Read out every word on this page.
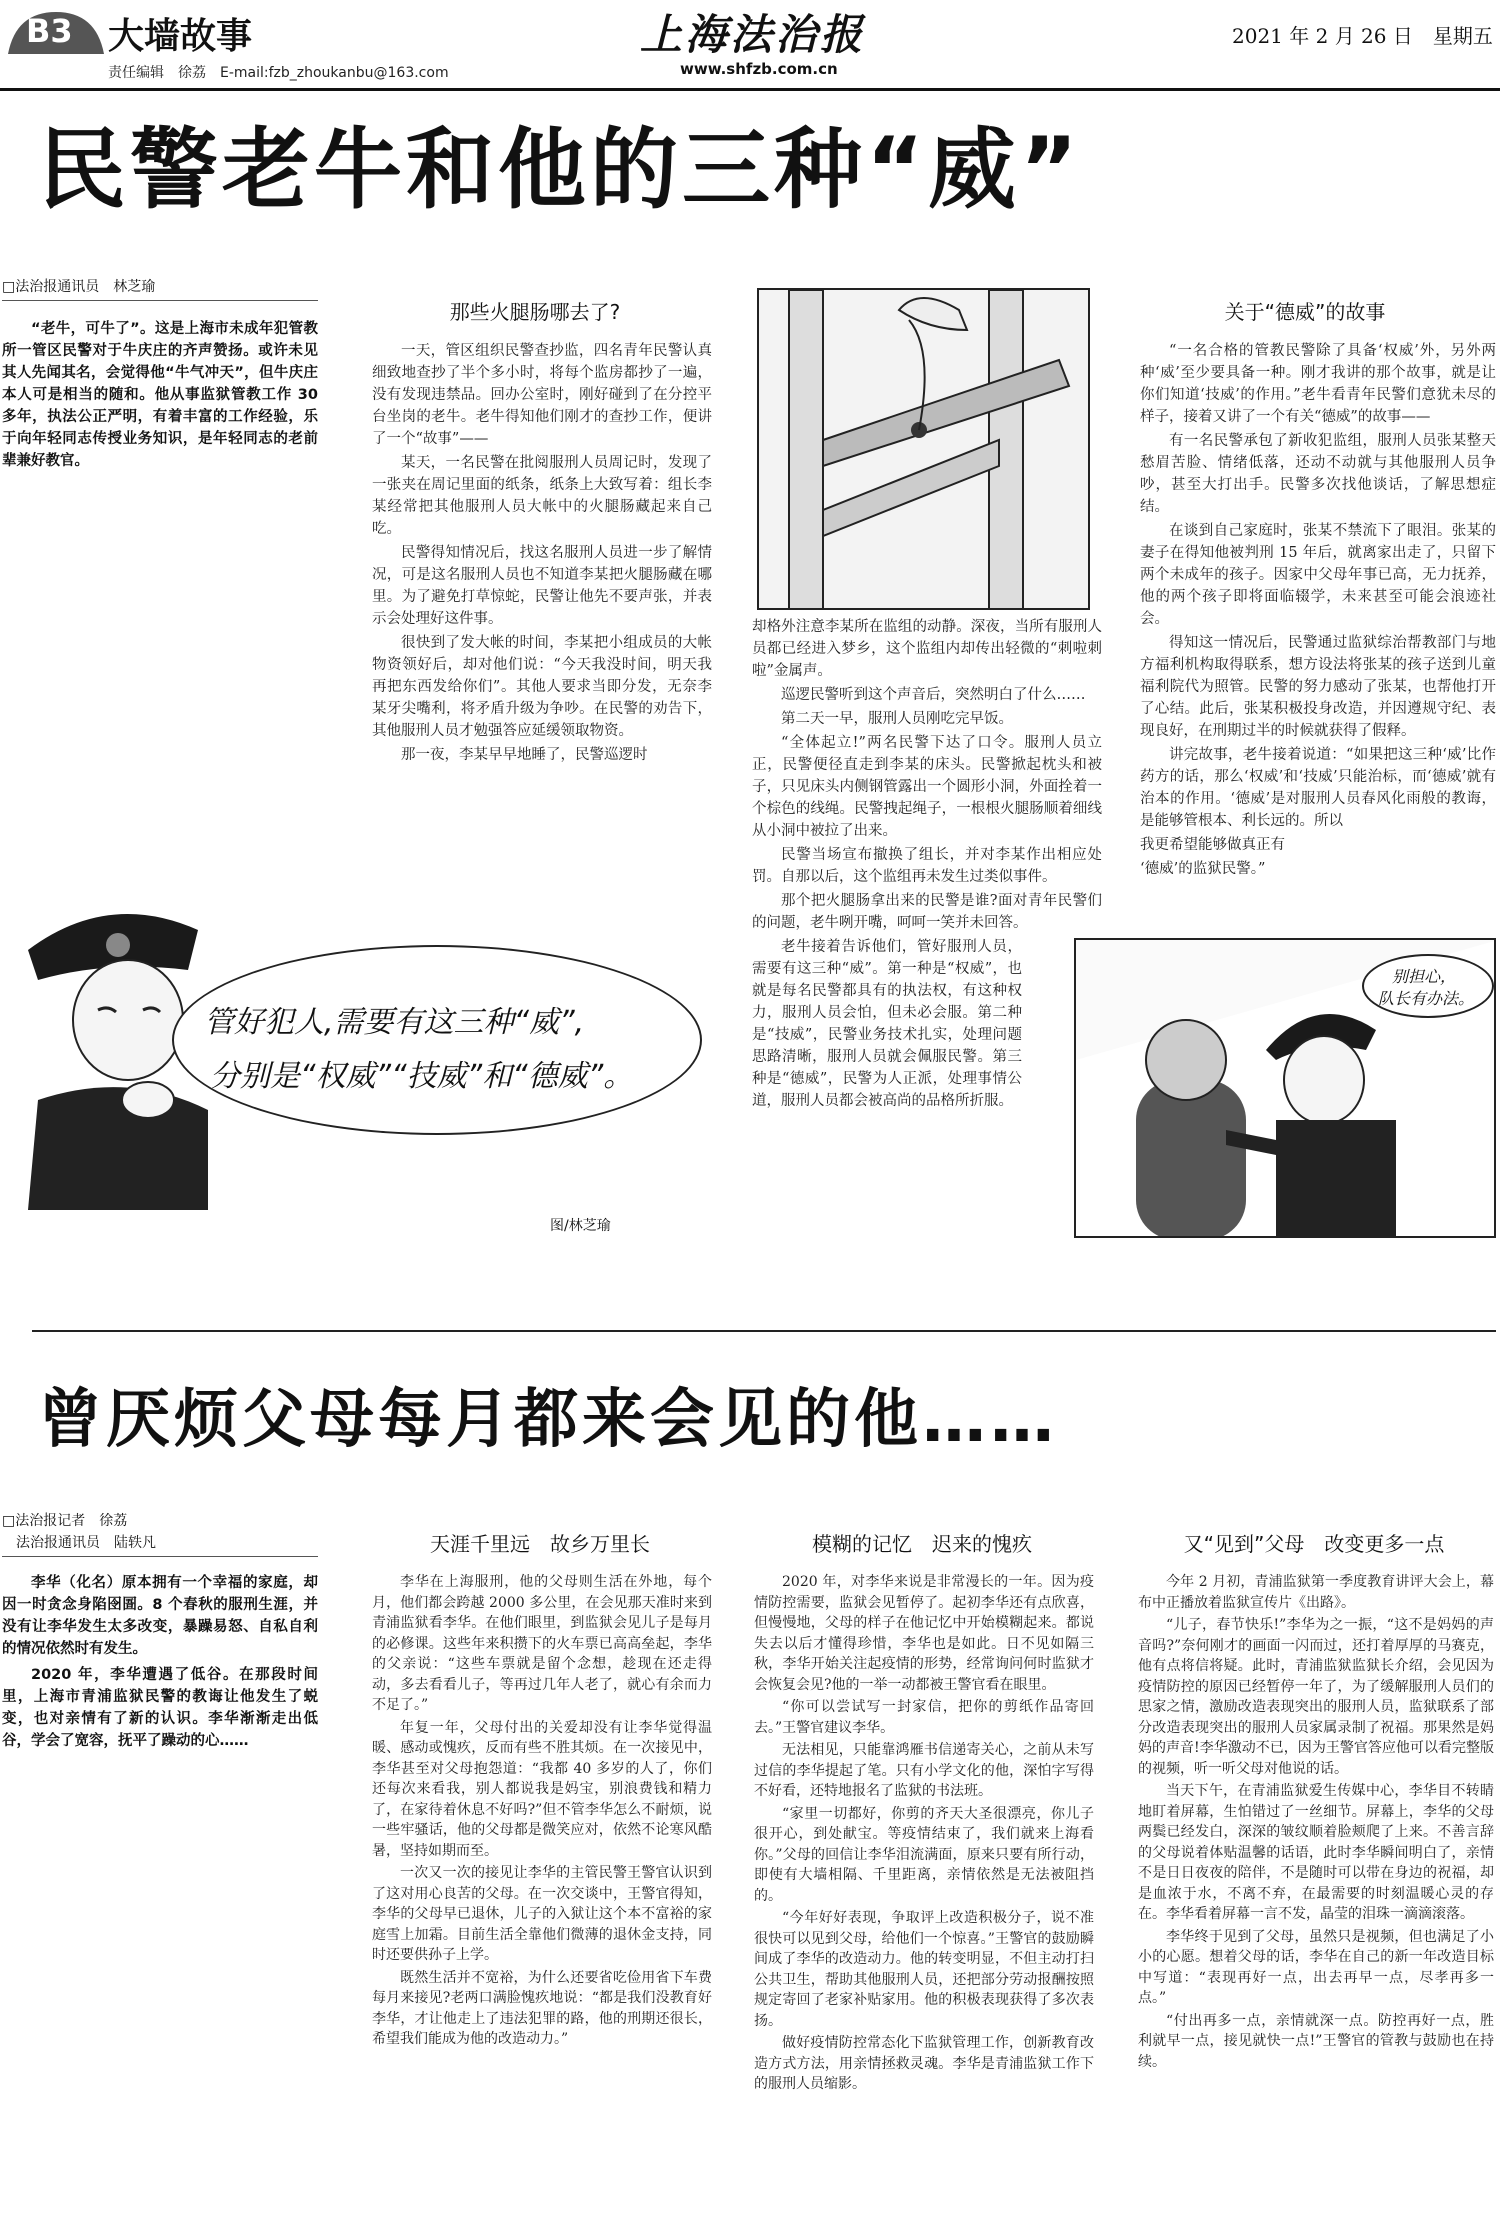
B3 大墙故事
责任编辑　徐荔　E-mail:fzb_zhoukanbu@163.com
上海法治报
www.shfzb.com.cn
2021 年 2 月 26 日　星期五
民警老牛和他的三种“威”
□法治报通讯员　林芝瑜

“老牛，可牛了”。这是上海市未成年犯管教所一管区民警对于牛庆庄的齐声赞扬。或许未见其人先闻其名，会觉得他“牛气冲天”，但牛庆庄本人可是相当的随和。他从事监狱管教工作 30 多年，执法公正严明，有着丰富的工作经验，乐于向年轻同志传授业务知识，是年轻同志的老前辈兼好教官。

那些火腿肠哪去了?

一天，管区组织民警查抄监，四名青年民警认真细致地查抄了半个多小时，将每个监房都抄了一遍，没有发现违禁品。回办公室时，刚好碰到了在分控平台坐岗的老牛。老牛得知他们刚才的查抄工作，便讲了一个“故事”——

某天，一名民警在批阅服刑人员周记时，发现了一张夹在周记里面的纸条，纸条上大致写着：组长李某经常把其他服刑人员大帐中的火腿肠藏起来自己吃。

民警得知情况后，找这名服刑人员进一步了解情况，可是这名服刑人员也不知道李某把火腿肠藏在哪里。为了避免打草惊蛇，民警让他先不要声张，并表示会处理好这件事。

很快到了发大帐的时间，李某把小组成员的大帐物资领好后，却对他们说：“今天我没时间，明天我再把东西发给你们”。其他人要求当即分发，无奈李某牙尖嘴利，将矛盾升级为争吵。在民警的劝告下，其他服刑人员才勉强答应延缓领取物资。

那一夜，李某早早地睡了，民警巡逻时

却格外注意李某所在监组的动静。深夜，当所有服刑人员都已经进入梦乡，这个监组内却传出轻微的“刺啦刺啦”金属声。

巡逻民警听到这个声音后，突然明白了什么……

第二天一早，服刑人员刚吃完早饭。

“全体起立!”两名民警下达了口令。服刑人员立正，民警便径直走到李某的床头。民警掀起枕头和被子，只见床头内侧钢管露出一个圆形小洞，外面拴着一个棕色的线绳。民警拽起绳子，一根根火腿肠顺着细线从小洞中被拉了出来。

民警当场宣布撤换了组长，并对李某作出相应处罚。自那以后，这个监组再未发生过类似事件。

那个把火腿肠拿出来的民警是谁?面对青年民警们的问题，老牛咧开嘴，呵呵一笑并未回答。

老牛接着告诉他们，管好服刑人员，需要有这三种“威”。第一种是“权威”，也就是每名民警都具有的执法权，有这种权力，服刑人员会怕，但未必会服。第二种是“技威”，民警业务技术扎实，处理问题思路清晰，服刑人员就会佩服民警。第三种是“德威”，民警为人正派，处理事情公道，服刑人员都会被高尚的品格所折服。

关于“德威”的故事

“一名合格的管教民警除了具备‘权威’外，另外两种‘威’至少要具备一种。刚才我讲的那个故事，就是让你们知道‘技威’的作用。”老牛看青年民警们意犹未尽的样子，接着又讲了一个有关“德威”的故事——

有一名民警承包了新收犯监组，服刑人员张某整天愁眉苦脸、情绪低落，还动不动就与其他服刑人员争吵，甚至大打出手。民警多次找他谈话，了解思想症结。

在谈到自己家庭时，张某不禁流下了眼泪。张某的妻子在得知他被判刑 15 年后，就离家出走了，只留下两个未成年的孩子。因家中父母年事已高，无力抚养，他的两个孩子即将面临辍学，未来甚至可能会浪迹社会。

得知这一情况后，民警通过监狱综治帮教部门与地方福利机构取得联系，想方设法将张某的孩子送到儿童福利院代为照管。民警的努力感动了张某，也帮他打开了心结。此后，张某积极投身改造，并因遵规守纪、表现良好，在刑期过半的时候就获得了假释。

讲完故事，老牛接着说道：“如果把这三种‘威’比作药方的话，那么‘权威’和‘技威’只能治标，而‘德威’就有治本的作用。‘德威’是对服刑人员春风化雨般的教诲，是能够管根本、利长远的。所以

我更希望能够做真正有

‘德威’的监狱民警。”

管好犯人,需要有这三种“威”,
分别是“权威”“技威”和“德威”。
图/林芝瑜
别担心，
队长有办法。
曾厌烦父母每月都来会见的他……
□法治报记者　徐荔
　法治报通讯员　陆轶凡

李华（化名）原本拥有一个幸福的家庭，却因一时贪念身陷囹圄。8 个春秋的服刑生涯，并没有让李华发生太多改变，暴躁易怒、自私自利的情况依然时有发生。

2020 年，李华遭遇了低谷。在那段时间里，上海市青浦监狱民警的教诲让他发生了蜕变，也对亲情有了新的认识。李华渐渐走出低谷，学会了宽容，抚平了躁动的心……

天涯千里远　故乡万里长

李华在上海服刑，他的父母则生活在外地，每个月，他们都会跨越 2000 多公里，在会见那天准时来到青浦监狱看李华。在他们眼里，到监狱会见儿子是每月的必修课。这些年来积攒下的火车票已高高垒起，李华的父亲说：“这些车票就是留个念想，趁现在还走得动，多去看看儿子，等再过几年人老了，就心有余而力不足了。”

年复一年，父母付出的关爱却没有让李华觉得温暖、感动或愧疚，反而有些不胜其烦。在一次接见中，李华甚至对父母抱怨道：“我都 40 多岁的人了，你们还每次来看我，别人都说我是妈宝，别浪费钱和精力了，在家待着休息不好吗?”但不管李华怎么不耐烦，说一些牢骚话，他的父母都是微笑应对，依然不论寒风酷暑，坚持如期而至。

一次又一次的接见让李华的主管民警王警官认识到了这对用心良苦的父母。在一次交谈中，王警官得知，李华的父母早已退休，儿子的入狱让这个本不富裕的家庭雪上加霜。目前生活全靠他们微薄的退休金支持，同时还要供孙子上学。

既然生活并不宽裕，为什么还要省吃俭用省下车费每月来接见?老两口满脸愧疚地说：“都是我们没教育好李华，才让他走上了违法犯罪的路，他的刑期还很长，希望我们能成为他的改造动力。”

模糊的记忆　迟来的愧疚

2020 年，对李华来说是非常漫长的一年。因为疫情防控需要，监狱会见暂停了。起初李华还有点欣喜，但慢慢地，父母的样子在他记忆中开始模糊起来。都说失去以后才懂得珍惜，李华也是如此。日不见如隔三秋，李华开始关注起疫情的形势，经常询问何时监狱才会恢复会见?他的一举一动都被王警官看在眼里。

“你可以尝试写一封家信，把你的剪纸作品寄回去。”王警官建议李华。

无法相见，只能靠鸿雁书信递寄关心，之前从未写过信的李华提起了笔。只有小学文化的他，深怕字写得不好看，还特地报名了监狱的书法班。

“家里一切都好，你剪的齐天大圣很漂亮，你儿子很开心，到处献宝。等疫情结束了，我们就来上海看你。”父母的回信让李华泪流满面，原来只要有所行动，即使有大墙相隔、千里距离，亲情依然是无法被阻挡的。

“今年好好表现，争取评上改造积极分子，说不准很快可以见到父母，给他们一个惊喜。”王警官的鼓励瞬间成了李华的改造动力。他的转变明显，不但主动打扫公共卫生，帮助其他服刑人员，还把部分劳动报酬按照规定寄回了老家补贴家用。他的积极表现获得了多次表扬。

做好疫情防控常态化下监狱管理工作，创新教育改造方式方法，用亲情拯救灵魂。李华是青浦监狱工作下的服刑人员缩影。

又“见到”父母　改变更多一点

今年 2 月初，青浦监狱第一季度教育讲评大会上，幕布中正播放着监狱宣传片《出路》。

“儿子，春节快乐!”李华为之一振，“这不是妈妈的声音吗?”奈何刚才的画面一闪而过，还打着厚厚的马赛克，他有点将信将疑。此时，青浦监狱监狱长介绍，会见因为疫情防控的原因已经暂停一年了，为了缓解服刑人员们的思家之情，激励改造表现突出的服刑人员，监狱联系了部分改造表现突出的服刑人员家属录制了祝福。那果然是妈妈的声音!李华激动不已，因为王警官答应他可以看完整版的视频，听一听父母对他说的话。

当天下午，在青浦监狱爱生传媒中心，李华目不转睛地盯着屏幕，生怕错过了一丝细节。屏幕上，李华的父母两鬓已经发白，深深的皱纹顺着脸颊爬了上来。不善言辞的父母说着体贴温馨的话语，此时李华瞬间明白了，亲情不是日日夜夜的陪伴，不是随时可以带在身边的祝福，却是血浓于水，不离不弃，在最需要的时刻温暖心灵的存在。李华看着屏幕一言不发，晶莹的泪珠一滴滴滚落。

李华终于见到了父母，虽然只是视频，但也满足了小小的心愿。想着父母的话，李华在自己的新一年改造目标中写道：“表现再好一点，出去再早一点，尽孝再多一点。”

“付出再多一点，亲情就深一点。防控再好一点，胜利就早一点，接见就快一点!”王警官的管教与鼓励也在持续。
